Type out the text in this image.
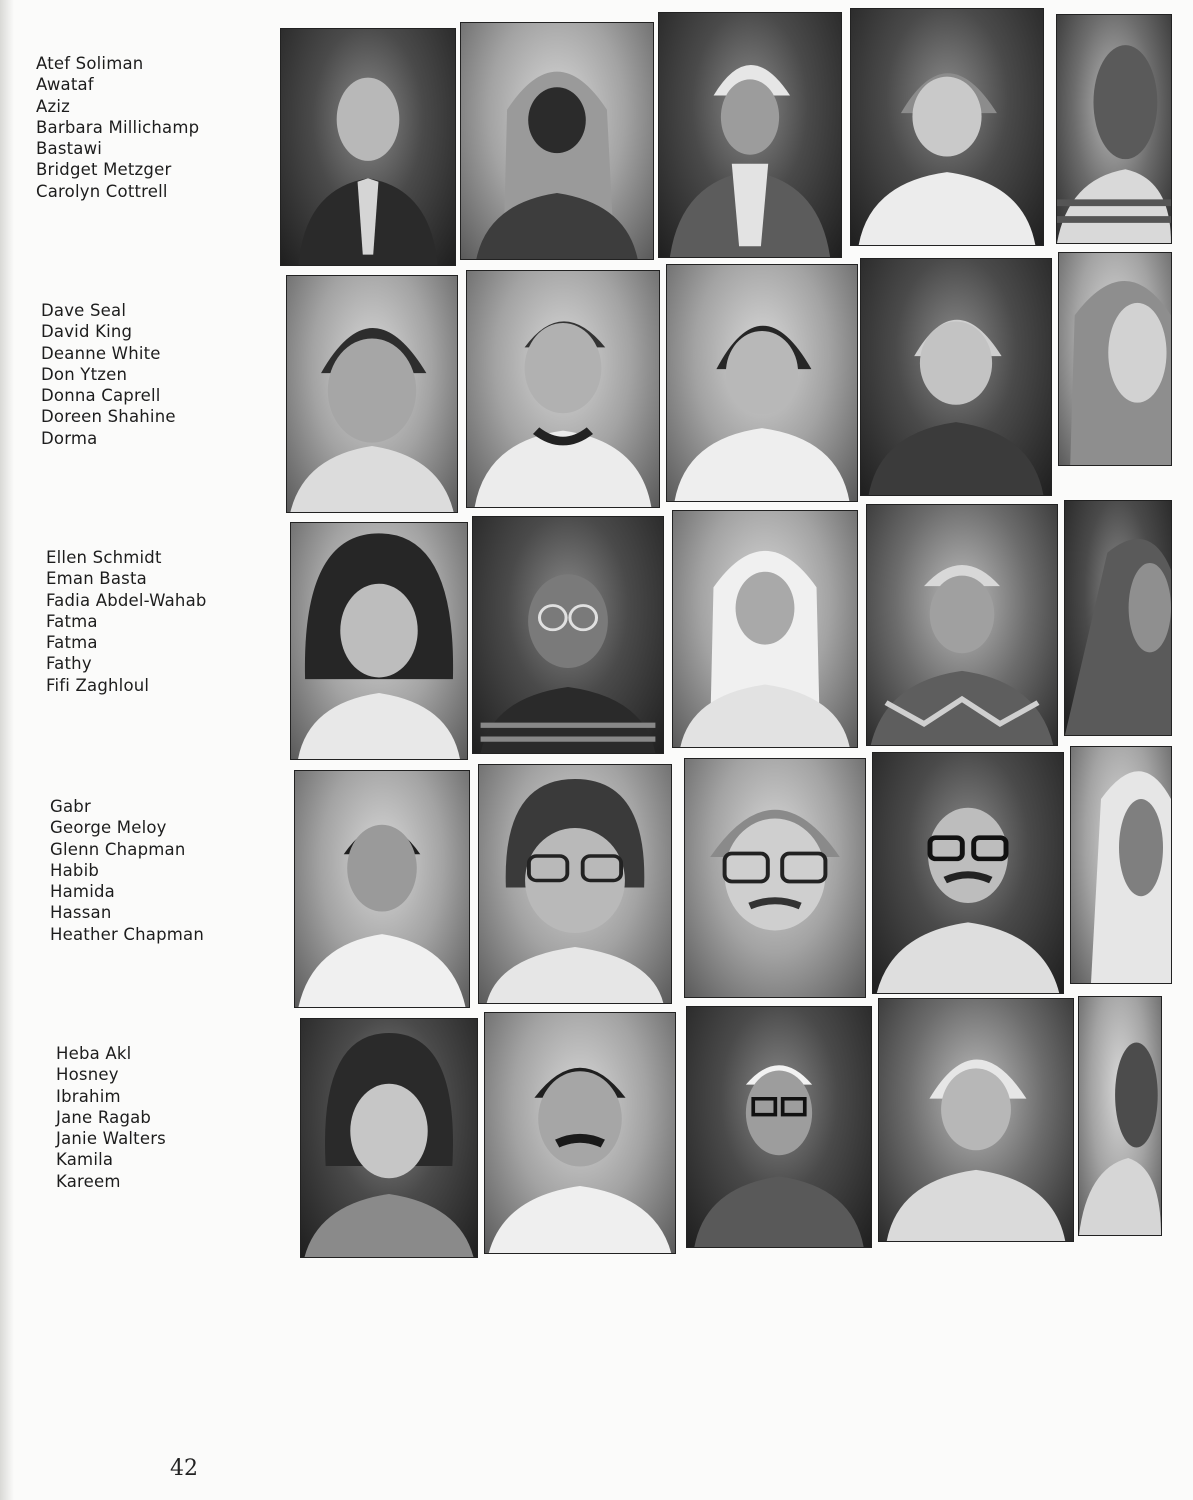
Atef Soliman
Awataf
Aziz
Barbara Millichamp
Bastawi
Bridget Metzger
Carolyn Cottrell
Dave Seal
David King
Deanne White
Don Ytzen
Donna Caprell
Doreen Shahine
Dorma
Ellen Schmidt
Eman Basta
Fadia Abdel-Wahab
Fatma
Fatma
Fathy
Fifi Zaghloul
Gabr
George Meloy
Glenn Chapman
Habib
Hamida
Hassan
Heather Chapman
Heba Akl
Hosney
Ibrahim
Jane Ragab
Janie Walters
Kamila
Kareem
42
